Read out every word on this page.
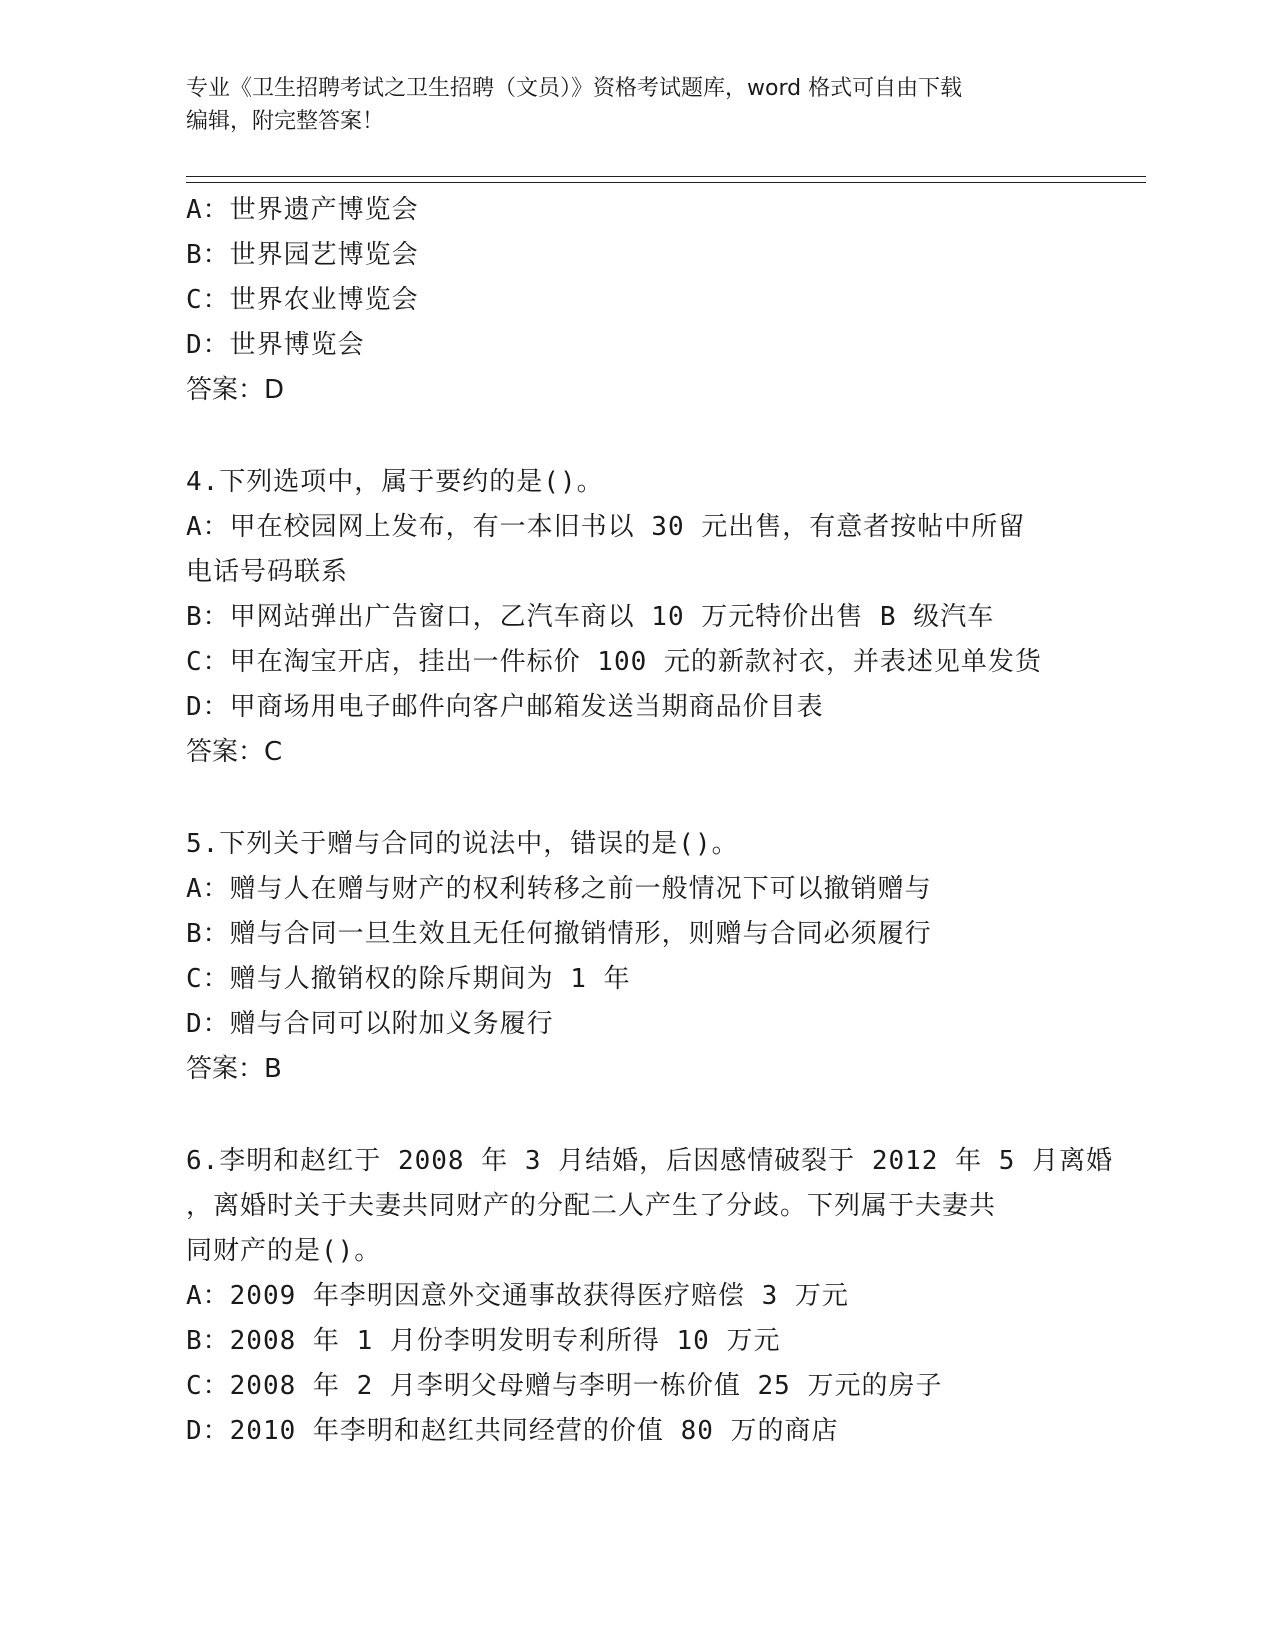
专业《卫生招聘考试之卫生招聘（文员）》资格考试题库，word 格式可自由下载
编辑，附完整答案！
A：世界遗产博览会
B：世界园艺博览会
C：世界农业博览会
D：世界博览会
答案：D
4.下列选项中，属于要约的是()。
A：甲在校园网上发布，有一本旧书以 30 元出售，有意者按帖中所留
电话号码联系
B：甲网站弹出广告窗口，乙汽车商以 10 万元特价出售 B 级汽车
C：甲在淘宝开店，挂出一件标价 100 元的新款衬衣，并表述见单发货
D：甲商场用电子邮件向客户邮箱发送当期商品价目表
答案：C
5.下列关于赠与合同的说法中，错误的是()。
A：赠与人在赠与财产的权利转移之前一般情况下可以撤销赠与
B：赠与合同一旦生效且无任何撤销情形，则赠与合同必须履行
C：赠与人撤销权的除斥期间为 1 年
D：赠与合同可以附加义务履行
答案：B
6.李明和赵红于 2008 年 3 月结婚，后因感情破裂于 2012 年 5 月离婚
，离婚时关于夫妻共同财产的分配二人产生了分歧。下列属于夫妻共
同财产的是()。
A：2009 年李明因意外交通事故获得医疗赔偿 3 万元
B：2008 年 1 月份李明发明专利所得 10 万元
C：2008 年 2 月李明父母赠与李明一栋价值 25 万元的房子
D：2010 年李明和赵红共同经营的价值 80 万的商店
